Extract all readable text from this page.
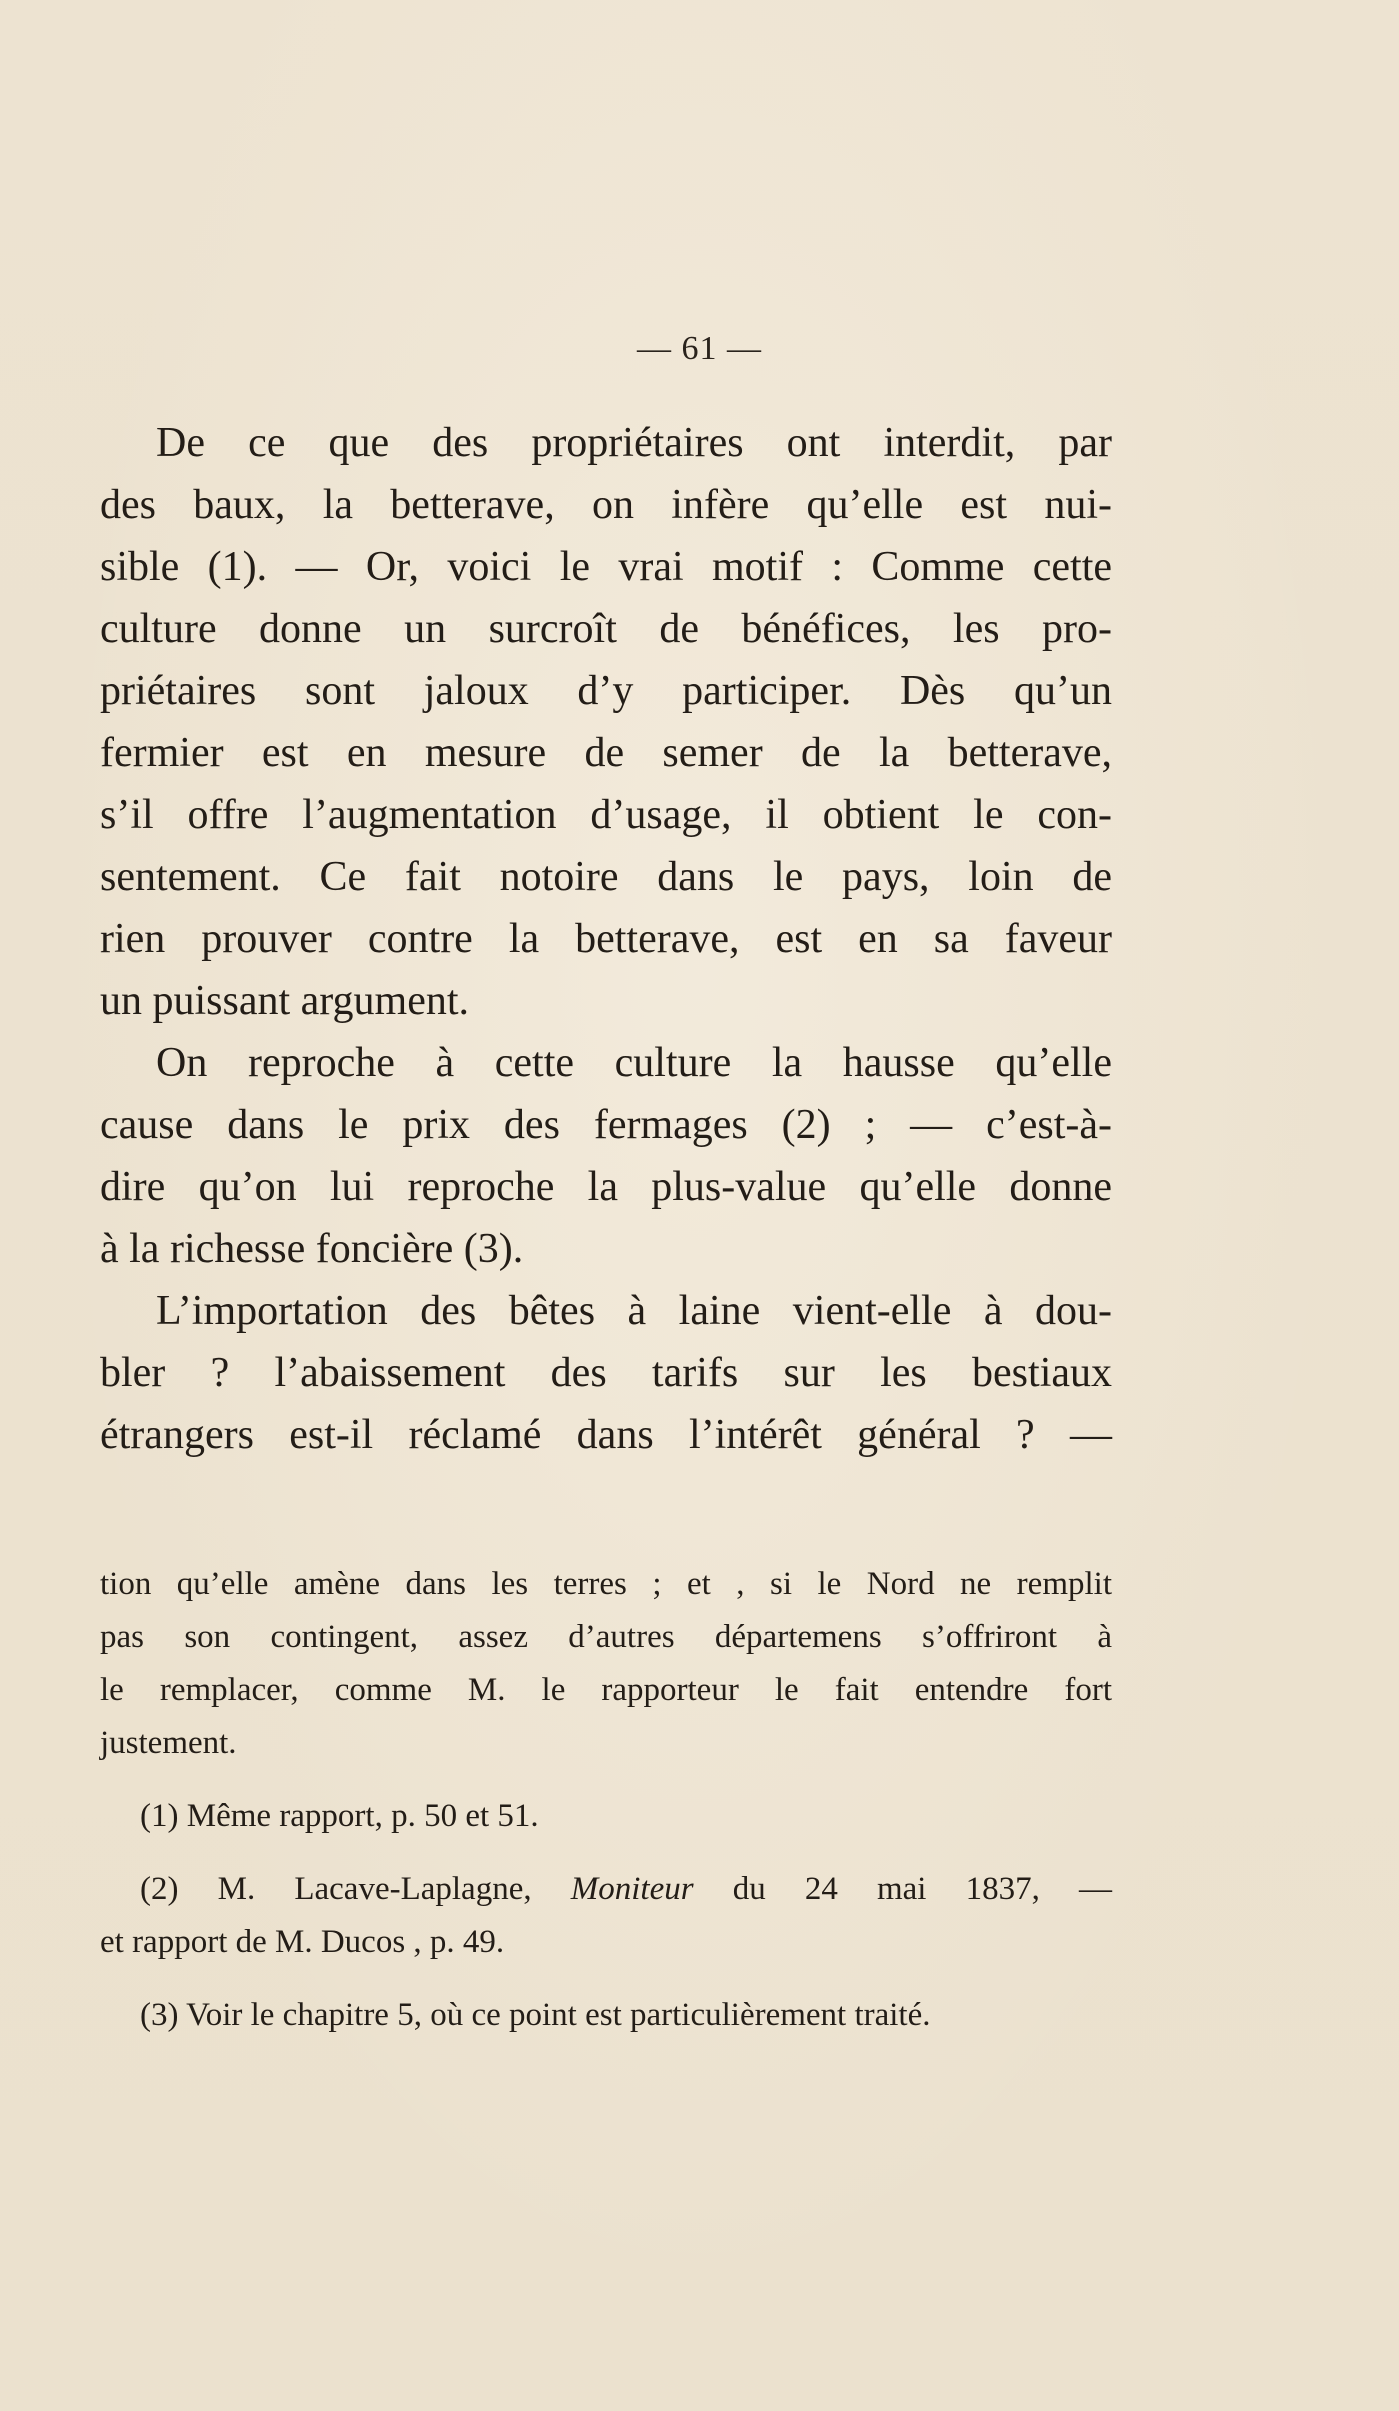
— 61 —
De ce que des propriétaires ont interdit, par
des baux, la betterave, on infère qu’elle est nui-
sible (1). — Or, voici le vrai motif : Comme cette
culture donne un surcroît de bénéfices, les pro-
priétaires sont jaloux d’y participer. Dès qu’un
fermier est en mesure de semer de la betterave,
s’il offre l’augmentation d’usage, il obtient le con-
sentement. Ce fait notoire dans le pays, loin de
rien prouver contre la betterave, est en sa faveur
un puissant argument.
On reproche à cette culture la hausse qu’elle
cause dans le prix des fermages (2) ; — c’est-à-
dire qu’on lui reproche la plus-value qu’elle donne
à la richesse foncière (3).
L’importation des bêtes à laine vient-elle à dou-
bler ? l’abaissement des tarifs sur les bestiaux
étrangers est-il réclamé dans l’intérêt général ? —
tion qu’elle amène dans les terres ; et , si le Nord ne remplit
pas son contingent, assez d’autres départemens s’offriront à
le remplacer, comme M. le rapporteur le fait entendre fort
justement.
(1) Même rapport, p. 50 et 51.
(2) M. Lacave-Laplagne, Moniteur du 24 mai 1837, —
et rapport de M. Ducos , p. 49.
(3) Voir le chapitre 5, où ce point est particulièrement traité.
